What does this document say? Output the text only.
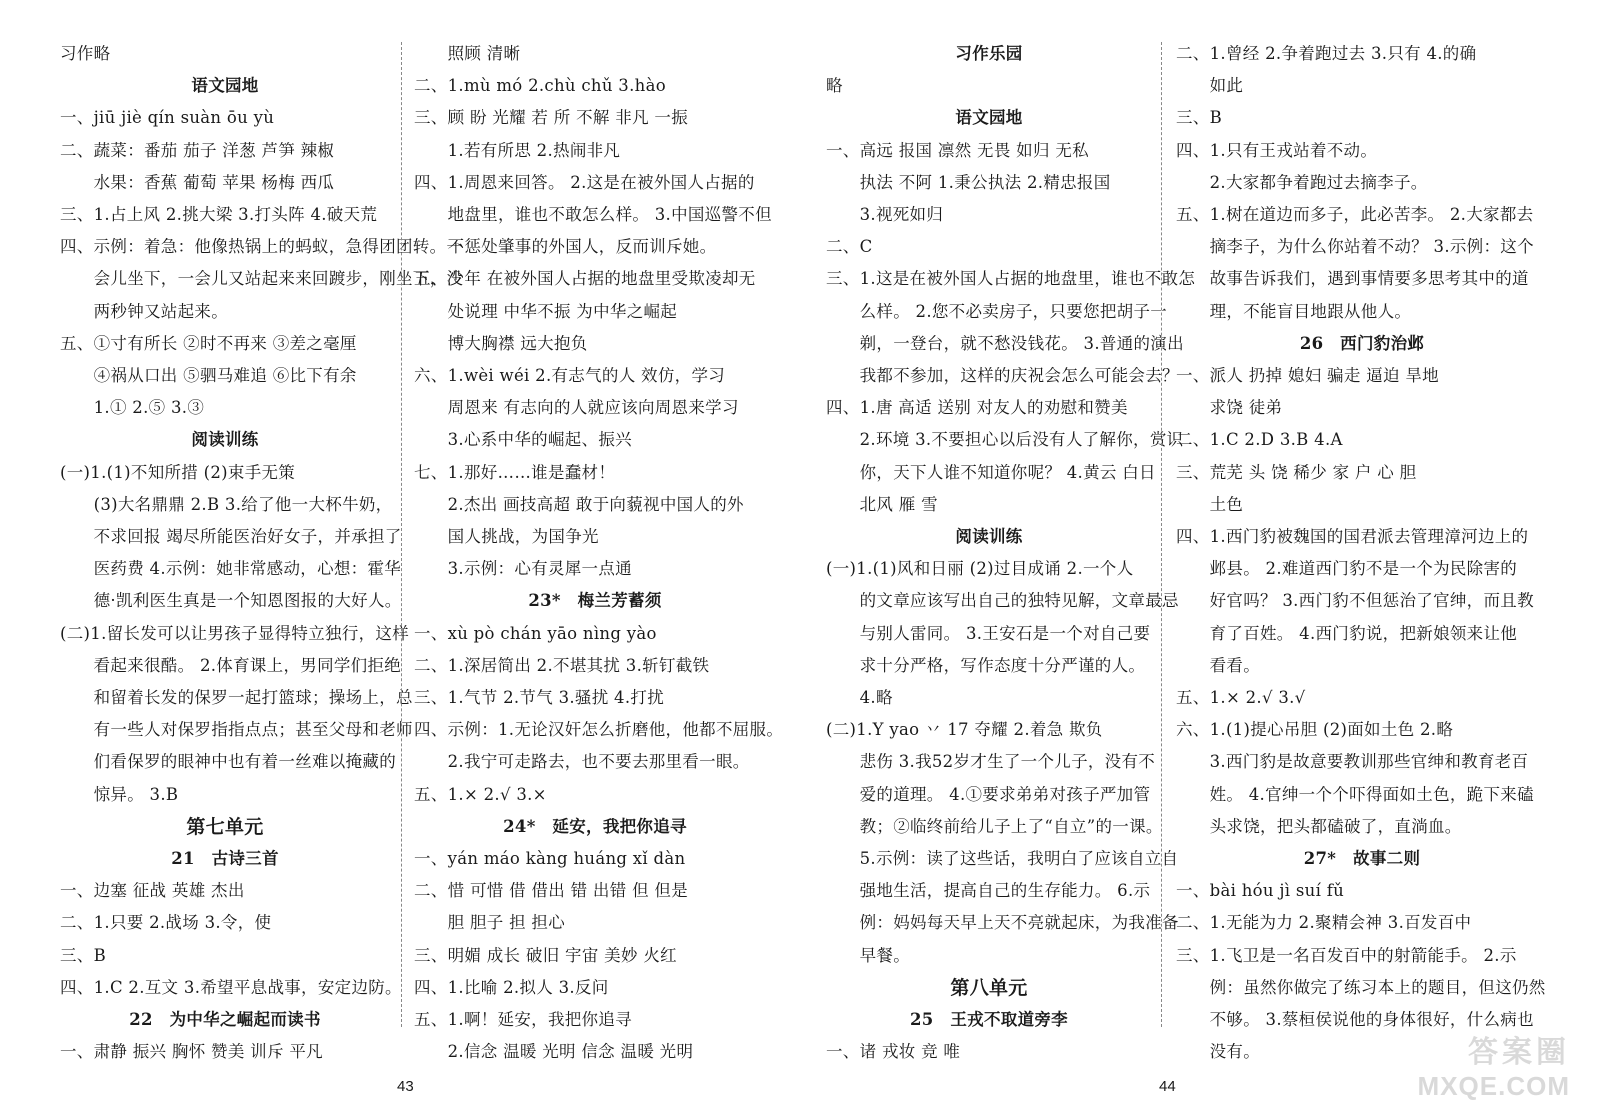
习作略

语文园地

一、jiū jiè qín suàn ōu yù

二、蔬菜：番茄 茄子 洋葱 芦笋 辣椒

　　水果：香蕉 葡萄 苹果 杨梅 西瓜

三、1.占上风 2.挑大梁 3.打头阵 4.破天荒

四、示例：着急：他像热锅上的蚂蚁，急得团团转。一

　　会儿坐下，一会儿又站起来来回踱步，刚坐下，没

　　两秒钟又站起来。

五、①寸有所长 ②时不再来 ③差之毫厘

　　④祸从口出 ⑤驷马难追 ⑥比下有余

　　1.① 2.⑤ 3.③

阅读训练

(一)1.(1)不知所措 (2)束手无策

　　(3)大名鼎鼎 2.B 3.给了他一大杯牛奶，

　　不求回报 竭尽所能医治好女子，并承担了

　　医药费 4.示例：她非常感动，心想：霍华

　　德·凯利医生真是一个知恩图报的大好人。

(二)1.留长发可以让男孩子显得特立独行，这样

　　看起来很酷。 2.体育课上，男同学们拒绝

　　和留着长发的保罗一起打篮球；操场上，总

　　有一些人对保罗指指点点；甚至父母和老师

　　们看保罗的眼神中也有着一丝难以掩藏的

　　惊异。 3.B

第七单元

21　古诗三首

一、边塞 征战 英雄 杰出

二、1.只要 2.战场 3.令，使

三、B

四、1.C 2.互文 3.希望平息战事，安定边防。

22　为中华之崛起而读书

一、肃静 振兴 胸怀 赞美 训斥 平凡

　　照顾 清晰

二、1.mù mó 2.chù chǔ 3.hào

三、顾 盼 光耀 若 所 不解 非凡 一振

　　1.若有所思 2.热闹非凡

四、1.周恩来回答。 2.这是在被外国人占据的

　　地盘里，谁也不敢怎么样。 3.中国巡警不但

　　不惩处肇事的外国人，反而训斥她。

五、少年 在被外国人占据的地盘里受欺凌却无

　　处说理 中华不振 为中华之崛起

　　博大胸襟 远大抱负

六、1.wèi wéi 2.有志气的人 效仿，学习

　　周恩来 有志向的人就应该向周恩来学习

　　3.心系中华的崛起、振兴

七、1.那好……谁是蠢材！

　　2.杰出 画技高超 敢于向藐视中国人的外

　　国人挑战，为国争光

　　3.示例：心有灵犀一点通

23*　梅兰芳蓄须

一、xù pò chán yāo nìng yào

二、1.深居简出 2.不堪其扰 3.斩钉截铁

三、1.气节 2.节气 3.骚扰 4.打扰

四、示例：1.无论汉奸怎么折磨他，他都不屈服。

　　2.我宁可走路去，也不要去那里看一眼。

五、1.× 2.√ 3.×

24*　延安，我把你追寻

一、yán máo kàng huáng xǐ dàn

二、惜 可惜 借 借出 错 出错 但 但是

　　胆 胆子 担 担心

三、明媚 成长 破旧 宇宙 美妙 火红

四、1.比喻 2.拟人 3.反问

五、1.啊！延安，我把你追寻

　　2.信念 温暖 光明 信念 温暖 光明

习作乐园

略

语文园地

一、高远 报国 凛然 无畏 如归 无私

　　执法 不阿 1.秉公执法 2.精忠报国

　　3.视死如归

二、C

三、1.这是在被外国人占据的地盘里，谁也不敢怎

　　么样。 2.您不必卖房子，只要您把胡子一

　　剃，一登台，就不愁没钱花。 3.普通的演出

　　我都不参加，这样的庆祝会怎么可能会去？

四、1.唐 高适 送别 对友人的劝慰和赞美

　　2.环境 3.不要担心以后没有人了解你，赏识

　　你，天下人谁不知道你呢？ 4.黄云 白日

　　北风 雁 雪

阅读训练

(一)1.(1)风和日丽 (2)过目成诵 2.一个人

　　的文章应该写出自己的独特见解，文章最忌

　　与别人雷同。 3.王安石是一个对自己要

　　求十分严格，写作态度十分严谨的人。

　　4.略

(二)1.Y yao 丷 17 夺耀 2.着急 欺负

　　悲伤 3.我52岁才生了一个儿子，没有不

　　爱的道理。 4.①要求弟弟对孩子严加管

　　教；②临终前给儿子上了“自立”的一课。

　　5.示例：读了这些话，我明白了应该自立自

　　强地生活，提高自己的生存能力。 6.示

　　例：妈妈每天早上天不亮就起床，为我准备

　　早餐。

第八单元

25　王戎不取道旁李

一、诸 戎妆 竞 唯

二、1.曾经 2.争着跑过去 3.只有 4.的确

　　如此

三、B

四、1.只有王戎站着不动。

　　2.大家都争着跑过去摘李子。

五、1.树在道边而多子，此必苦李。 2.大家都去

　　摘李子，为什么你站着不动？ 3.示例：这个

　　故事告诉我们，遇到事情要多思考其中的道

　　理，不能盲目地跟从他人。

26　西门豹治邺

一、派人 扔掉 媳妇 骗走 逼迫 旱地

　　求饶 徒弟

二、1.C 2.D 3.B 4.A

三、荒芜 头 饶 稀少 家 户 心 胆

　　土色

四、1.西门豹被魏国的国君派去管理漳河边上的

　　邺县。 2.难道西门豹不是一个为民除害的

　　好官吗？ 3.西门豹不但惩治了官绅，而且教

　　育了百姓。 4.西门豹说，把新娘领来让他

　　看看。

五、1.× 2.√ 3.√

六、1.(1)提心吊胆 (2)面如土色 2.略

　　3.西门豹是故意要教训那些官绅和教育老百

　　姓。 4.官绅一个个吓得面如土色，跪下来磕

　　头求饶，把头都磕破了，直淌血。

27*　故事二则

一、bài hóu jì suí fǔ

二、1.无能为力 2.聚精会神 3.百发百中

三、1.飞卫是一名百发百中的射箭能手。 2.示

　　例：虽然你做完了练习本上的题目，但这仍然

　　不够。 3.蔡桓侯说他的身体很好，什么病也

　　没有。

43	44
答案圈
MXQE.COM
